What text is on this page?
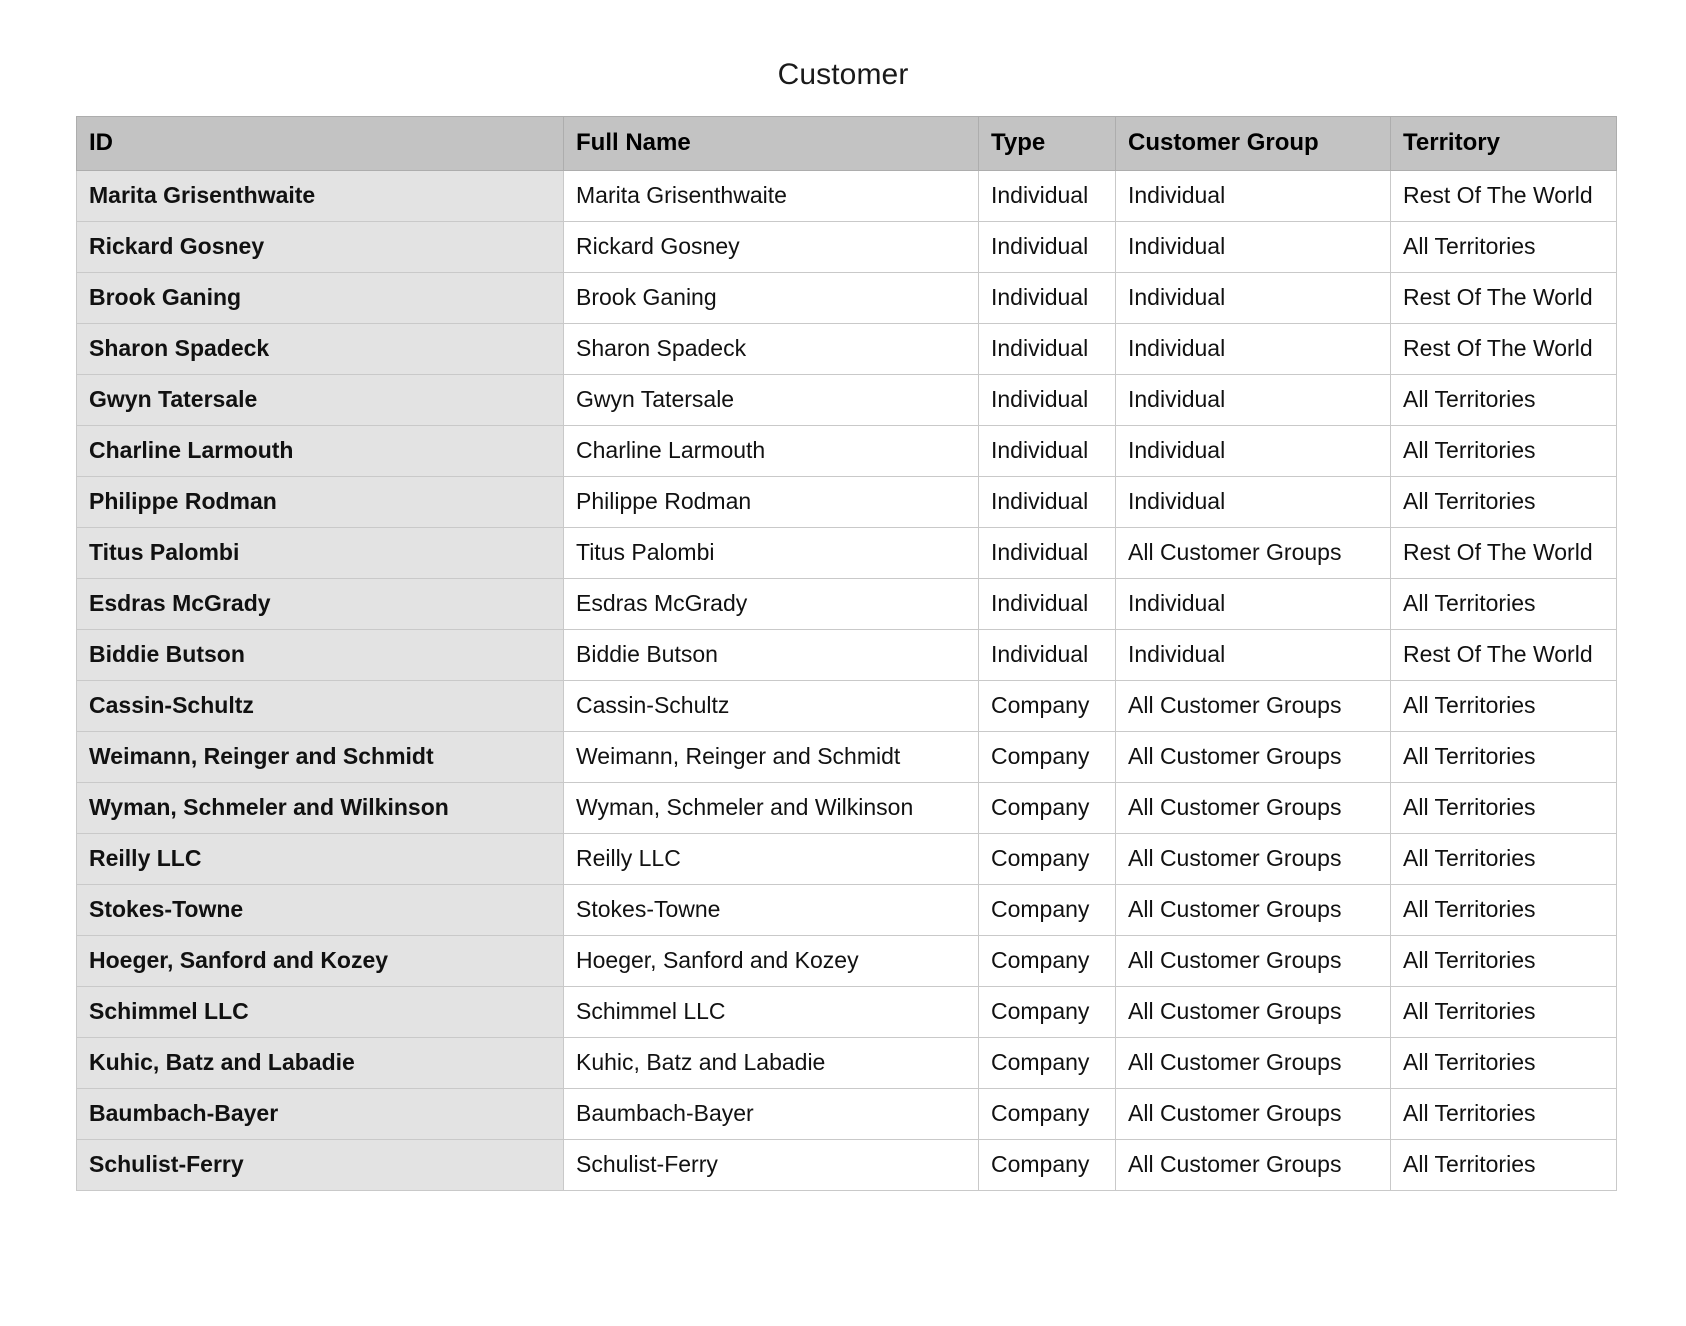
Customer
ID	Full Name	Type	Customer Group	Territory
Marita Grisenthwaite	Marita Grisenthwaite	Individual	Individual	Rest Of The World
Rickard Gosney	Rickard Gosney	Individual	Individual	All Territories
Brook Ganing	Brook Ganing	Individual	Individual	Rest Of The World
Sharon Spadeck	Sharon Spadeck	Individual	Individual	Rest Of The World
Gwyn Tatersale	Gwyn Tatersale	Individual	Individual	All Territories
Charline Larmouth	Charline Larmouth	Individual	Individual	All Territories
Philippe Rodman	Philippe Rodman	Individual	Individual	All Territories
Titus Palombi	Titus Palombi	Individual	All Customer Groups	Rest Of The World
Esdras McGrady	Esdras McGrady	Individual	Individual	All Territories
Biddie Butson	Biddie Butson	Individual	Individual	Rest Of The World
Cassin-Schultz	Cassin-Schultz	Company	All Customer Groups	All Territories
Weimann, Reinger and Schmidt	Weimann, Reinger and Schmidt	Company	All Customer Groups	All Territories
Wyman, Schmeler and Wilkinson	Wyman, Schmeler and Wilkinson	Company	All Customer Groups	All Territories
Reilly LLC	Reilly LLC	Company	All Customer Groups	All Territories
Stokes-Towne	Stokes-Towne	Company	All Customer Groups	All Territories
Hoeger, Sanford and Kozey	Hoeger, Sanford and Kozey	Company	All Customer Groups	All Territories
Schimmel LLC	Schimmel LLC	Company	All Customer Groups	All Territories
Kuhic, Batz and Labadie	Kuhic, Batz and Labadie	Company	All Customer Groups	All Territories
Baumbach-Bayer	Baumbach-Bayer	Company	All Customer Groups	All Territories
Schulist-Ferry	Schulist-Ferry	Company	All Customer Groups	All Territories
